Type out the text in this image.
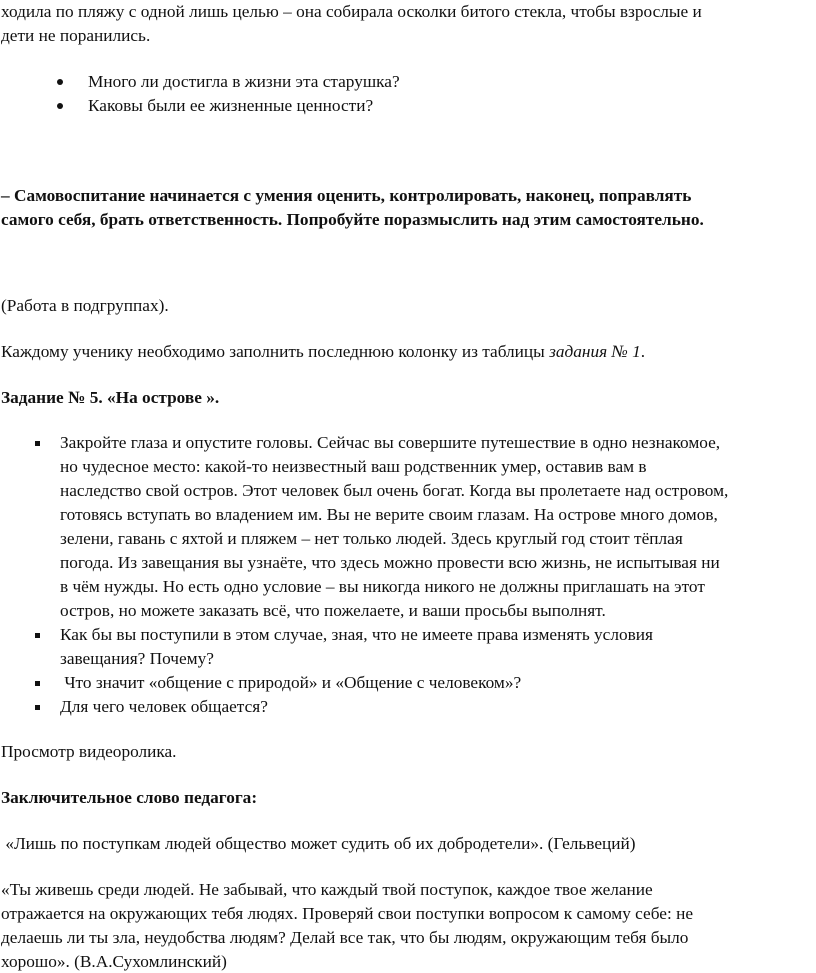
ходила по пляжу с одной лишь целью – она собирала осколки битого стекла, чтобы взрослые и
дети не поранились.
Много ли достигла в жизни эта старушка?
Каковы были ее жизненные ценности?
– Самовоспитание начинается с умения оценить, контролировать, наконец, поправлять
самого себя, брать ответственность. Попробуйте поразмыслить над этим самостоятельно.
(Работа в подгруппах).
Каждому ученику необходимо заполнить последнюю колонку из таблицы задания № 1.
Задание № 5. «На острове ».
Закройте глаза и опустите головы. Сейчас вы совершите путешествие в одно незнакомое,
но чудесное место: какой-то неизвестный ваш родственник умер, оставив вам в
наследство свой остров. Этот человек был очень богат. Когда вы пролетаете над островом,
готовясь вступать во владением им. Вы не верите своим глазам. На острове много домов,
зелени, гавань с яхтой и пляжем – нет только людей. Здесь круглый год стоит тёплая
погода. Из завещания вы узнаёте, что здесь можно провести всю жизнь, не испытывая ни
в чём нужды. Но есть одно условие – вы никогда никого не должны приглашать на этот
остров, но можете заказать всё, что пожелаете, и ваши просьбы выполнят.
Как бы вы поступили в этом случае, зная, что не имеете права изменять условия
завещания? Почему?
Что значит «общение с природой» и «Общение с человеком»?
Для чего человек общается?
Просмотр видеоролика.
Заключительное слово педагога:
«Лишь по поступкам людей общество может судить об их добродетели». (Гельвеций)
«Ты живешь среди людей. Не забывай, что каждый твой поступок, каждое твое желание
отражается на окружающих тебя людях. Проверяй свои поступки вопросом к самому себе: не
делаешь ли ты зла, неудобства людям? Делай все так, что бы людям, окружающим тебя было
хорошо». (В.А.Сухомлинский)
